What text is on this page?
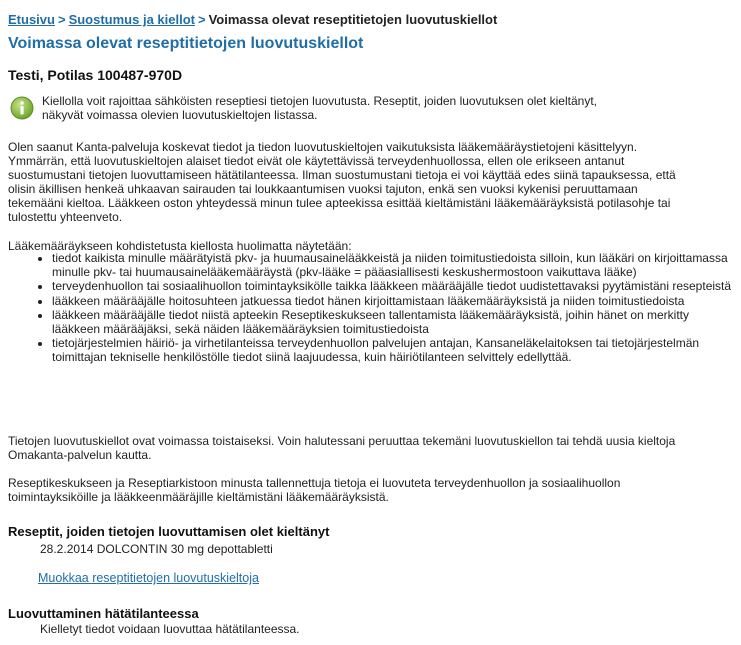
Etusivu > Suostumus ja kiellot > Voimassa olevat reseptitietojen luovutuskiellot
Voimassa olevat reseptitietojen luovutuskiellot
Testi, Potilas 100487-970D
Kiellolla voit rajoittaa sähköisten reseptiesi tietojen luovutusta. Reseptit, joiden luovutuksen olet kieltänyt, näkyvät voimassa olevien luovutuskieltojen listassa.

Olen saanut Kanta-palveluja koskevat tiedot ja tiedon luovutuskieltojen vaikutuksista lääkemääräystietojeni käsittelyyn. Ymmärrän, että luovutuskieltojen alaiset tiedot eivät ole käytettävissä terveydenhuollossa, ellen ole erikseen antanut suostumustani tietojen luovuttamiseen hätätilanteessa. Ilman suostumustani tietoja ei voi käyttää edes siinä tapauksessa, että olisin äkillisen henkeä uhkaavan sairauden tai loukkaantumisen vuoksi tajuton, enkä sen vuoksi kykenisi peruuttamaan tekemääni kieltoa. Lääkkeen oston yhteydessä minun tulee apteekissa esittää kieltämistäni lääkemääräyksistä potilasohje tai tulostettu yhteenveto.

Lääkemääräykseen kohdistetusta kiellosta huolimatta näytetään:

• tiedot kaikista minulle määrätyistä pkv- ja huumausainelääkkeistä ja niiden toimitustiedoista silloin, kun lääkäri on kirjoittamassa minulle pkv- tai huumausainelääkemääräystä (pkv-lääke = pääasiallisesti keskushermostoon vaikuttava lääke)
• terveydenhuollon tai sosiaalihuollon toimintayksikölle taikka lääkkeen määrääjälle tiedot uudistettavaksi pyytämistäni resepteistä
• lääkkeen määrääjälle hoitosuhteen jatkuessa tiedot hänen kirjoittamistaan lääkemääräyksistä ja niiden toimitustiedoista
• lääkkeen määrääjälle tiedot niistä apteekin Reseptikeskukseen tallentamista lääkemääräyksistä, joihin hänet on merkitty lääkkeen määrääjäksi, sekä näiden lääkemääräyksien toimitustiedoista
• tietojärjestelmien häiriö- ja virhetilanteissa terveydenhuollon palvelujen antajan, Kansaneläkelaitoksen tai tietojärjestelmän toimittajan tekniselle henkilöstölle tiedot siinä laajuudessa, kuin häiriötilanteen selvittely edellyttää.

Tietojen luovutuskiellot ovat voimassa toistaiseksi. Voin halutessani peruuttaa tekemäni luovutuskiellon tai tehdä uusia kieltoja Omakanta-palvelun kautta.

Reseptikeskukseen ja Reseptiarkistoon minusta tallennettuja tietoja ei luovuteta terveydenhuollon ja sosiaalihuollon toimintayksiköille ja lääkkeenmääräjille kieltämistäni lääkemääräyksistä.

Reseptit, joiden tietojen luovuttamisen olet kieltänyt
28.2.2014 DOLCONTIN 30 mg depottabletti
Muokkaa reseptitietojen luovutuskieltoja
Luovuttaminen hätätilanteessa
Kielletyt tiedot voidaan luovuttaa hätätilanteessa.
